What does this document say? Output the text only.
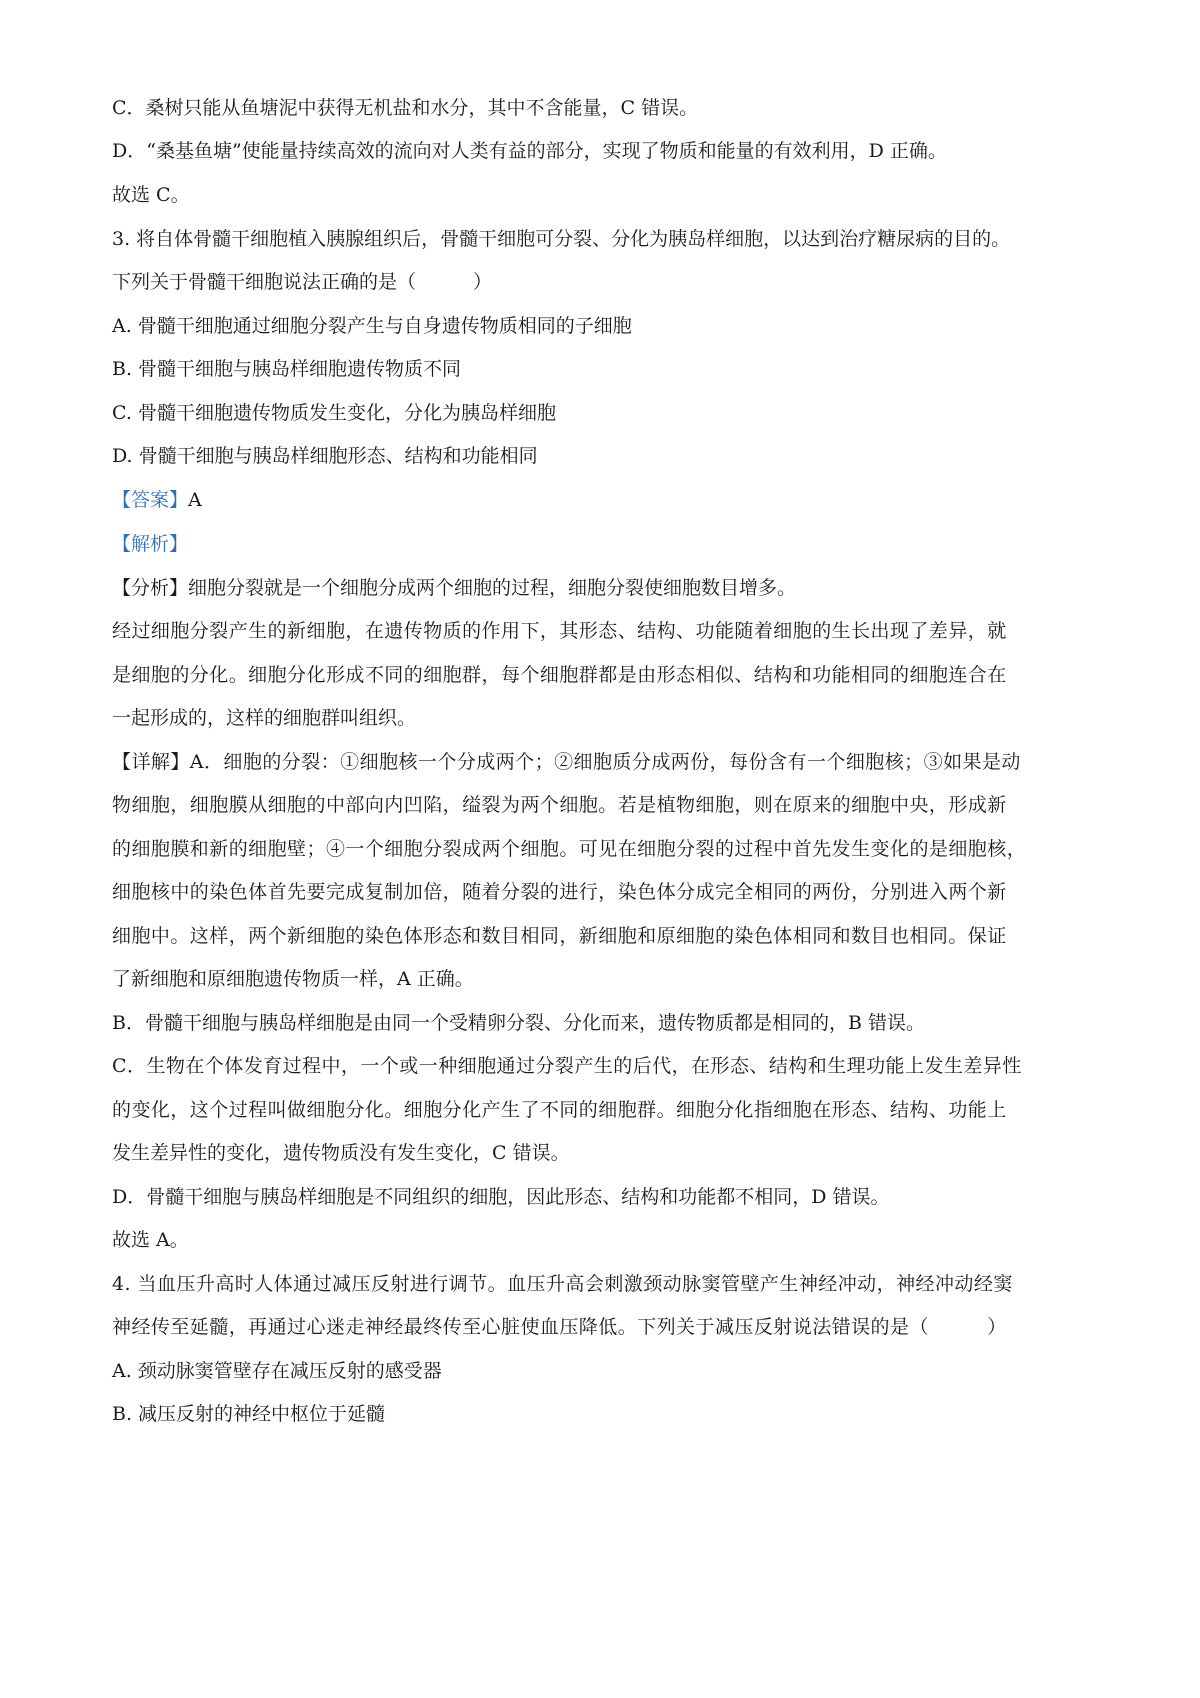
C．桑树只能从鱼塘泥中获得无机盐和水分，其中不含能量，C 错误。
D．“桑基鱼塘”使能量持续高效的流向对人类有益的部分，实现了物质和能量的有效利用，D 正确。
故选 C。
3. 将自体骨髓干细胞植入胰腺组织后，骨髓干细胞可分裂、分化为胰岛样细胞，以达到治疗糖尿病的目的。
下列关于骨髓干细胞说法正确的是（　　　）
A. 骨髓干细胞通过细胞分裂产生与自身遗传物质相同的子细胞
B. 骨髓干细胞与胰岛样细胞遗传物质不同
C. 骨髓干细胞遗传物质发生变化，分化为胰岛样细胞
D. 骨髓干细胞与胰岛样细胞形态、结构和功能相同
【答案】A
【解析】
【分析】细胞分裂就是一个细胞分成两个细胞的过程，细胞分裂使细胞数目增多。
经过细胞分裂产生的新细胞，在遗传物质的作用下，其形态、结构、功能随着细胞的生长出现了差异，就
是细胞的分化。细胞分化形成不同的细胞群，每个细胞群都是由形态相似、结构和功能相同的细胞连合在
一起形成的，这样的细胞群叫组织。
【详解】A．细胞的分裂：①细胞核一个分成两个；②细胞质分成两份，每份含有一个细胞核；③如果是动
物细胞，细胞膜从细胞的中部向内凹陷，缢裂为两个细胞。若是植物细胞，则在原来的细胞中央，形成新
的细胞膜和新的细胞壁；④一个细胞分裂成两个细胞。可见在细胞分裂的过程中首先发生变化的是细胞核，
细胞核中的染色体首先要完成复制加倍，随着分裂的进行，染色体分成完全相同的两份，分别进入两个新
细胞中。这样，两个新细胞的染色体形态和数目相同，新细胞和原细胞的染色体相同和数目也相同。保证
了新细胞和原细胞遗传物质一样，A 正确。
B．骨髓干细胞与胰岛样细胞是由同一个受精卵分裂、分化而来，遗传物质都是相同的，B 错误。
C．生物在个体发育过程中，一个或一种细胞通过分裂产生的后代，在形态、结构和生理功能上发生差异性
的变化，这个过程叫做细胞分化。细胞分化产生了不同的细胞群。细胞分化指细胞在形态、结构、功能上
发生差异性的变化，遗传物质没有发生变化，C 错误。
D．骨髓干细胞与胰岛样细胞是不同组织的细胞，因此形态、结构和功能都不相同，D 错误。
故选 A。
4. 当血压升高时人体通过减压反射进行调节。血压升高会刺激颈动脉窦管壁产生神经冲动，神经冲动经窦
神经传至延髓，再通过心迷走神经最终传至心脏使血压降低。下列关于减压反射说法错误的是（　　　）
A. 颈动脉窦管壁存在减压反射的感受器
B. 减压反射的神经中枢位于延髓
